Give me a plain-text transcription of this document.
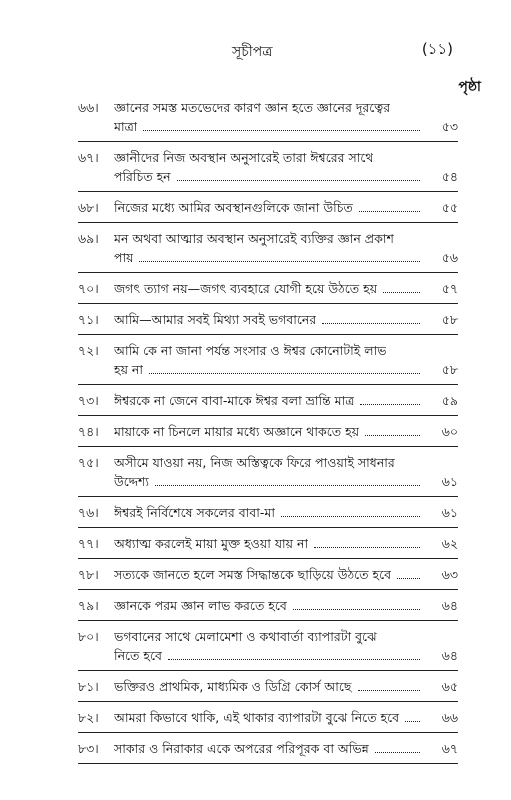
সূচীপত্র	(১১)
পৃষ্ঠা
৬৬।	জ্ঞানের সমস্ত মতভেদের কারণ জ্ঞান হতে জ্ঞানের দূরত্বের
মাত্রা	৫৩
৬৭।	জ্ঞানীদের নিজ অবস্থান অনুসারেই তারা ঈশ্বরের সাথে
পরিচিত হন	৫৪
৬৮।	নিজের মধ্যে আমির অবস্থানগুলিকে জানা উচিত	৫৫
৬৯।	মন অথবা আত্মার অবস্থান অনুসারেই ব্যক্তির জ্ঞান প্রকাশ
পায়	৫৬
৭০।	জগৎ ত্যাগ নয়—জগৎ ব্যবহারে যোগী হয়ে উঠতে হয়	৫৭
৭১।	আমি—আমার সবই মিথ্যা সবই ভগবানের	৫৮
৭২।	আমি কে না জানা পর্যন্ত সংসার ও ঈশ্বর কোনোটাই লাভ
হয় না	৫৮
৭৩।	ঈশ্বরকে না জেনে বাবা-মাকে ঈশ্বর বলা ভ্রান্তি মাত্র	৫৯
৭৪।	মায়াকে না চিনলে মায়ার মধ্যে অজ্ঞানে থাকতে হয়	৬০
৭৫।	অসীমে যাওয়া নয়, নিজ অস্তিত্বকে ফিরে পাওয়াই সাধনার
উদ্দেশ্য	৬১
৭৬।	ঈশ্বরই নির্বিশেষে সকলের বাবা-মা	৬১
৭৭।	অধ্যাত্ম করলেই মায়া মুক্ত হওয়া যায় না	৬২
৭৮।	সত্যকে জানতে হলে সমস্ত সিদ্ধান্তকে ছাড়িয়ে উঠতে হবে	৬৩
৭৯।	জ্ঞানকে পরম জ্ঞান লাভ করতে হবে	৬৪
৮০।	ভগবানের সাথে মেলামেশা ও কথাবার্তা ব্যাপারটা বুঝে
নিতে হবে	৬৪
৮১।	ভক্তিরও প্রাথমিক, মাধ্যমিক ও ডিগ্রি কোর্স আছে	৬৫
৮২।	আমরা কিভাবে থাকি, এই থাকার ব্যাপারটা বুঝে নিতে হবে	৬৬
৮৩।	সাকার ও নিরাকার একে অপরের পরিপূরক বা অভিন্ন	৬৭
